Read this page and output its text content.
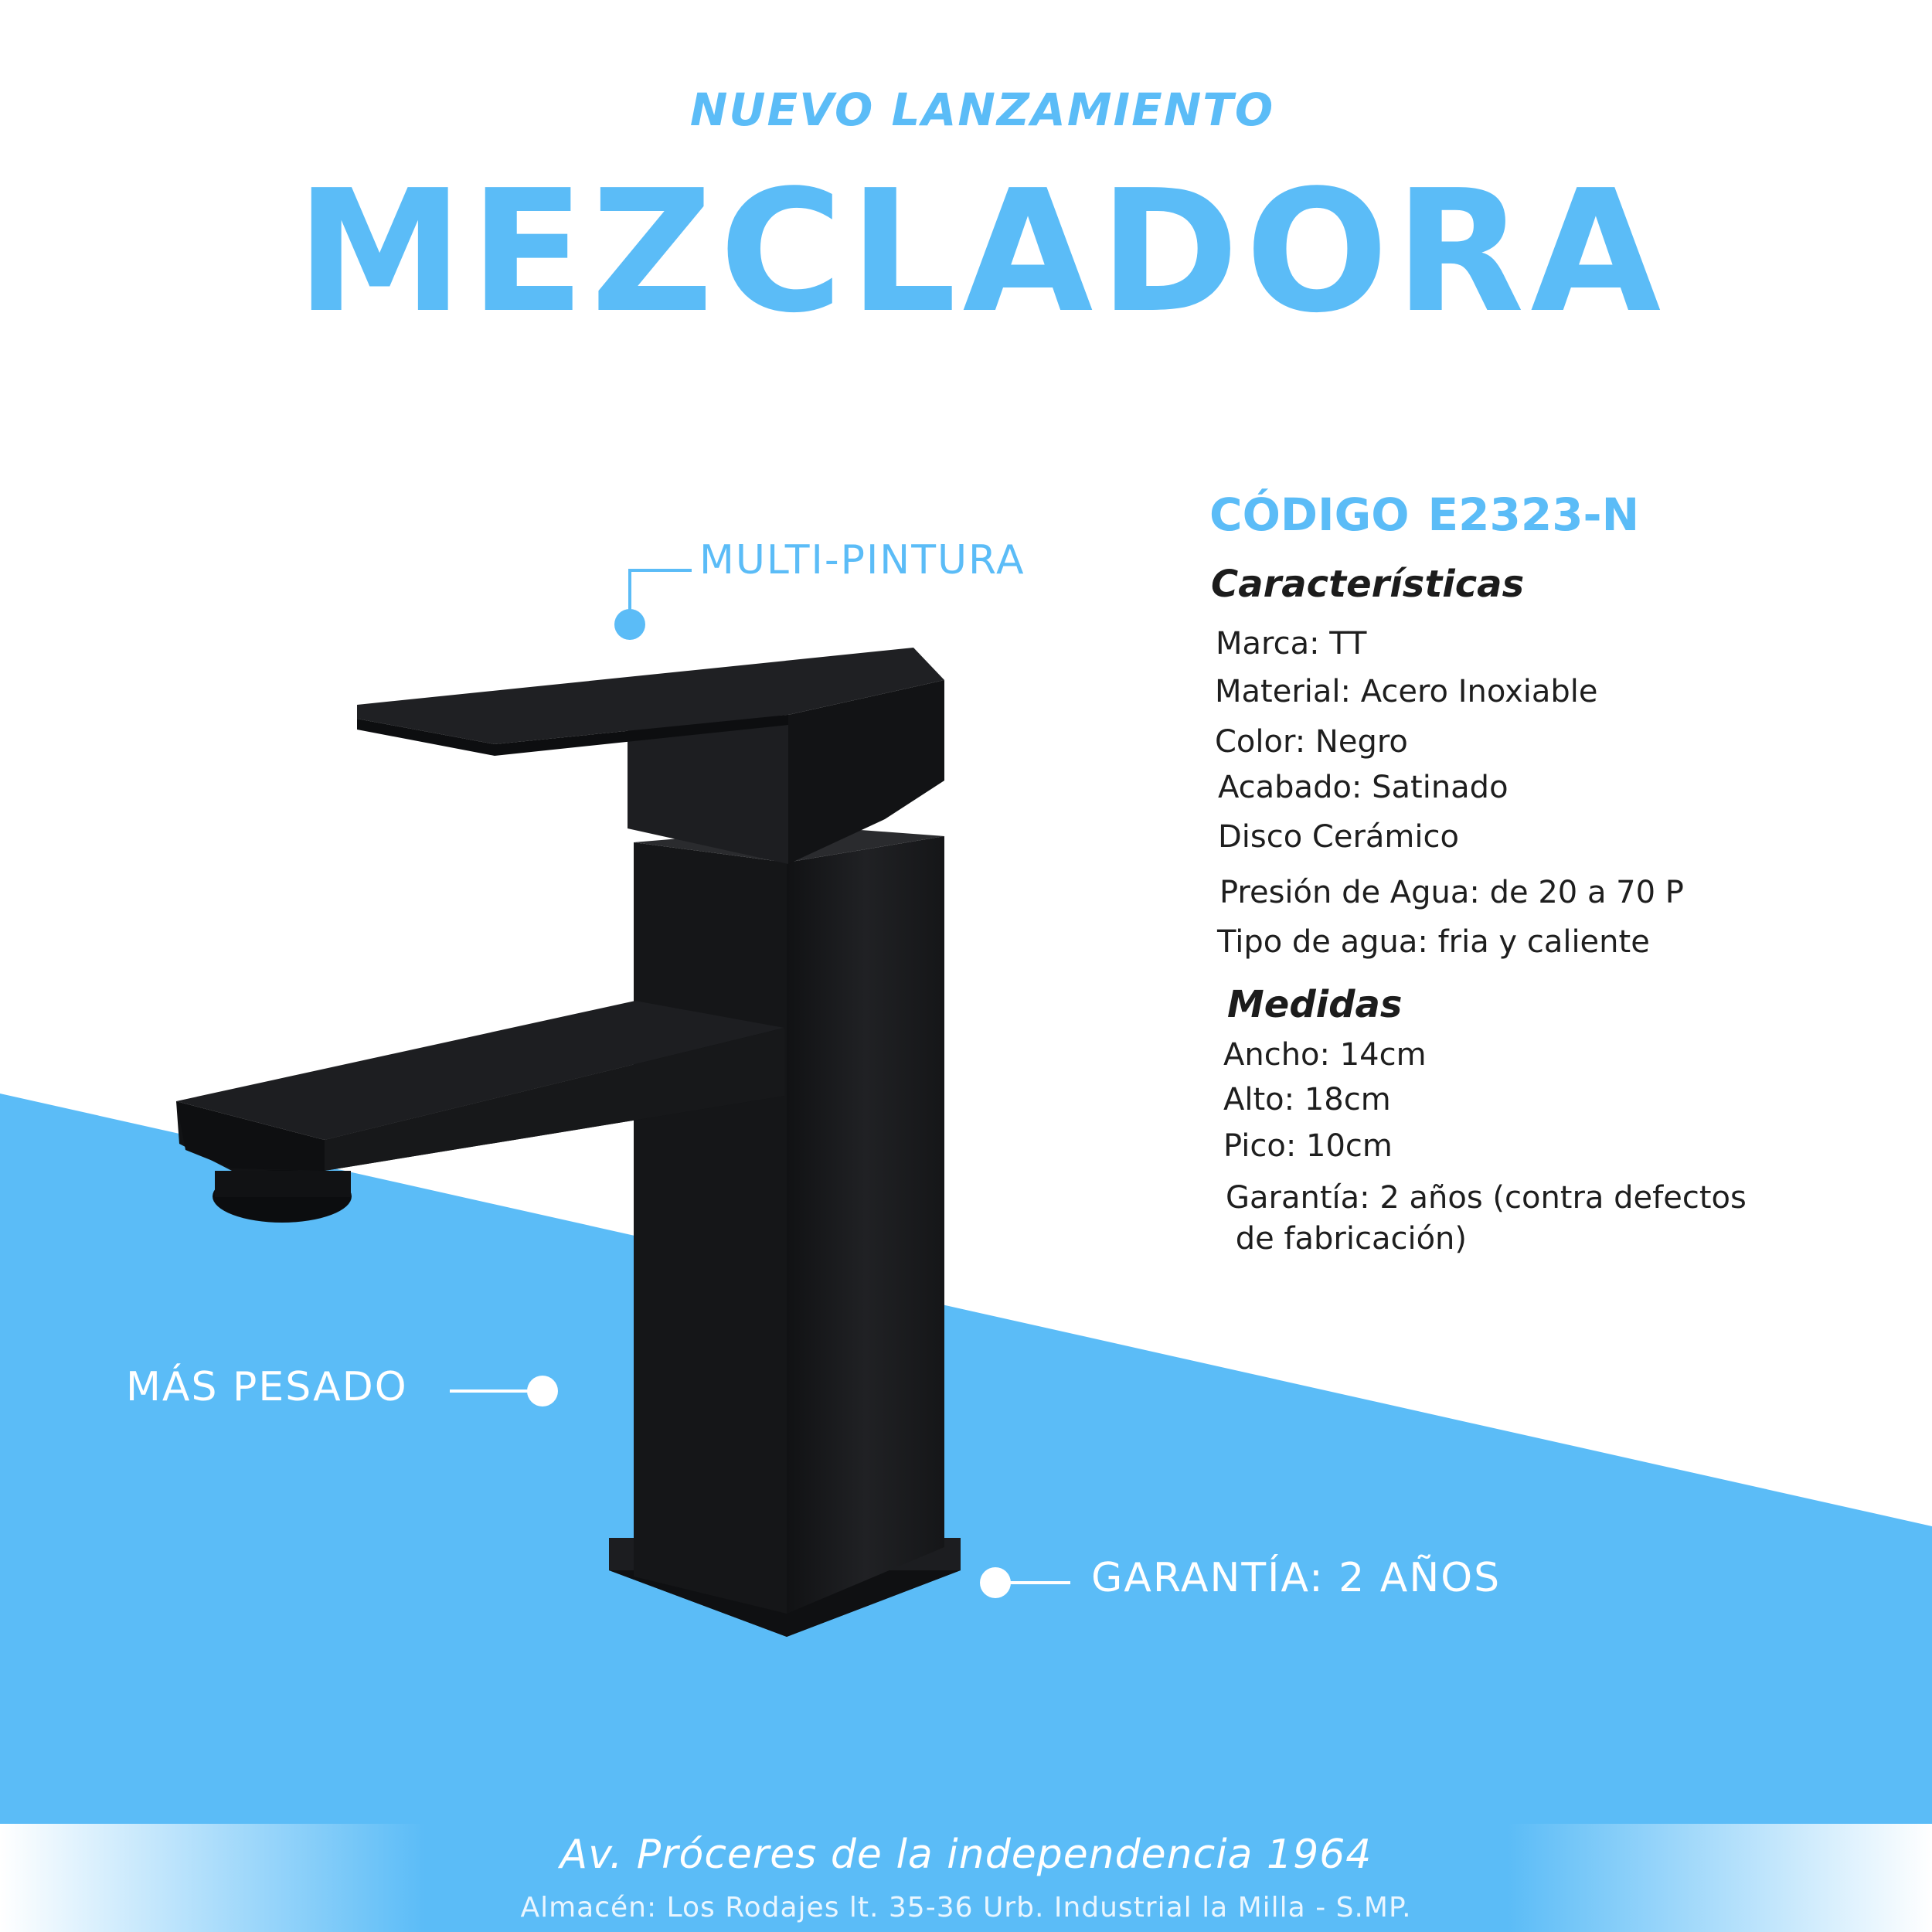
NUEVO LANZAMIENTO
MEZCLADORA
CÓDIGO E2323-N
Características
Marca: TT
Material: Acero Inoxiable
Color: Negro
Acabado: Satinado
Disco Cerámico
Presión de Agua: de 20 a 70 P
Tipo de agua: fria y caliente
Medidas
Ancho: 14cm
Alto: 18cm
Pico: 10cm
Garantía: 2 años (contra defectos
de fabricación)
MULTI-PINTURA
MÁS PESADO
GARANTÍA: 2 AÑOS
Av. Próceres de la independencia 1964
Almacén: Los Rodajes lt. 35-36 Urb. Industrial la Milla - S.MP.
